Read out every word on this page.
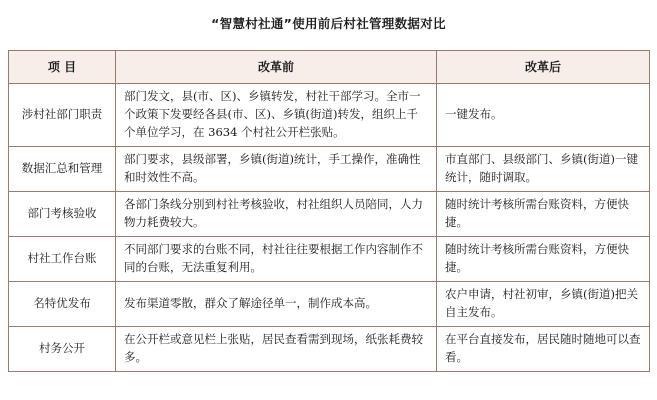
“智慧村社通”使用前后村社管理数据对比
项 目	改革前	改革后
涉村社部门职责	部门发文，县(市、区)、乡镇转发，村社干部学习。全市一个政策下发要经各县(市、区)、乡镇(街道)转发，组织上千个单位学习，在 3634 个村社公开栏张贴。	一键发布。
数据汇总和管理	部门要求，县级部署，乡镇(街道)统计，手工操作，准确性和时效性不高。	市直部门、县级部门、乡镇(街道)一键统计，随时调取。
部门考核验收	各部门条线分别到村社考核验收，村社组织人员陪同，人力物力耗费较大。	随时统计考核所需台账资料，方便快捷。
村社工作台账	不同部门要求的台账不同，村社往往要根据工作内容制作不同的台账，无法重复利用。	随时统计考核所需台账资料，方便快捷。
名特优发布	发布渠道零散，群众了解途径单一，制作成本高。	农户申请，村社初审，乡镇(街道)把关自主发布。
村务公开	在公开栏或意见栏上张贴，居民查看需到现场，纸张耗费较多。	在平台直接发布，居民随时随地可以查看。
